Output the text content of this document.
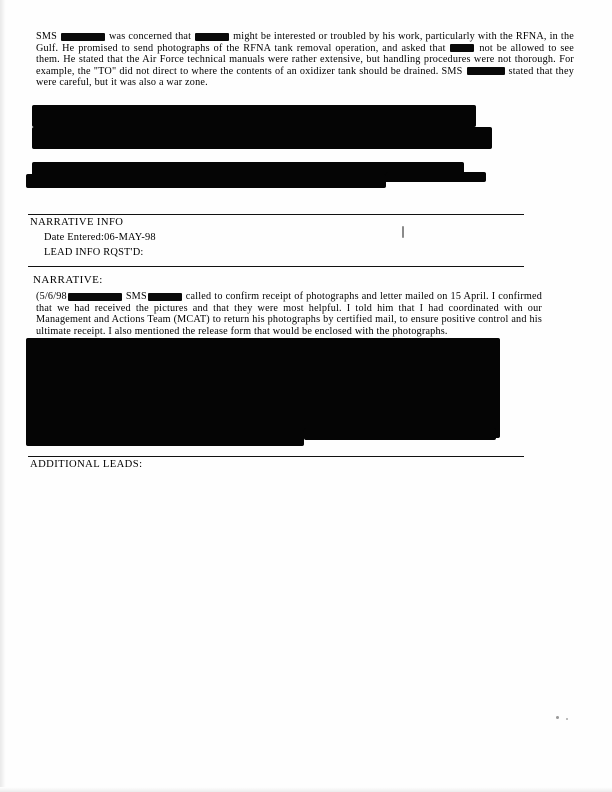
SMS	was concerned that	might be interested or troubled by his work, particularly with the RFNA, in the Gulf. He promised to send photographs of the RFNA tank removal operation, and asked that	not be allowed to see them. He stated that the Air Force technical manuals were rather extensive, but handling procedures were not thorough. For example, the "TO" did not direct to where the contents of an oxidizer tank should be drained. SMS	stated that they were careful, but it was also a war zone.
NARRATIVE INFO
Date Entered:06-MAY-98
LEAD INFO RQST'D:
NARRATIVE:
(5/6/98	SMS	called to confirm receipt of photographs and letter mailed on 15 April. I confirmed that we had received the pictures and that they were most helpful. I told him that I had coordinated with our Management and Actions Team (MCAT) to return his photographs by certified mail, to ensure positive control and his ultimate receipt. I also mentioned the release form that would be enclosed with the photographs.
ADDITIONAL LEADS:
